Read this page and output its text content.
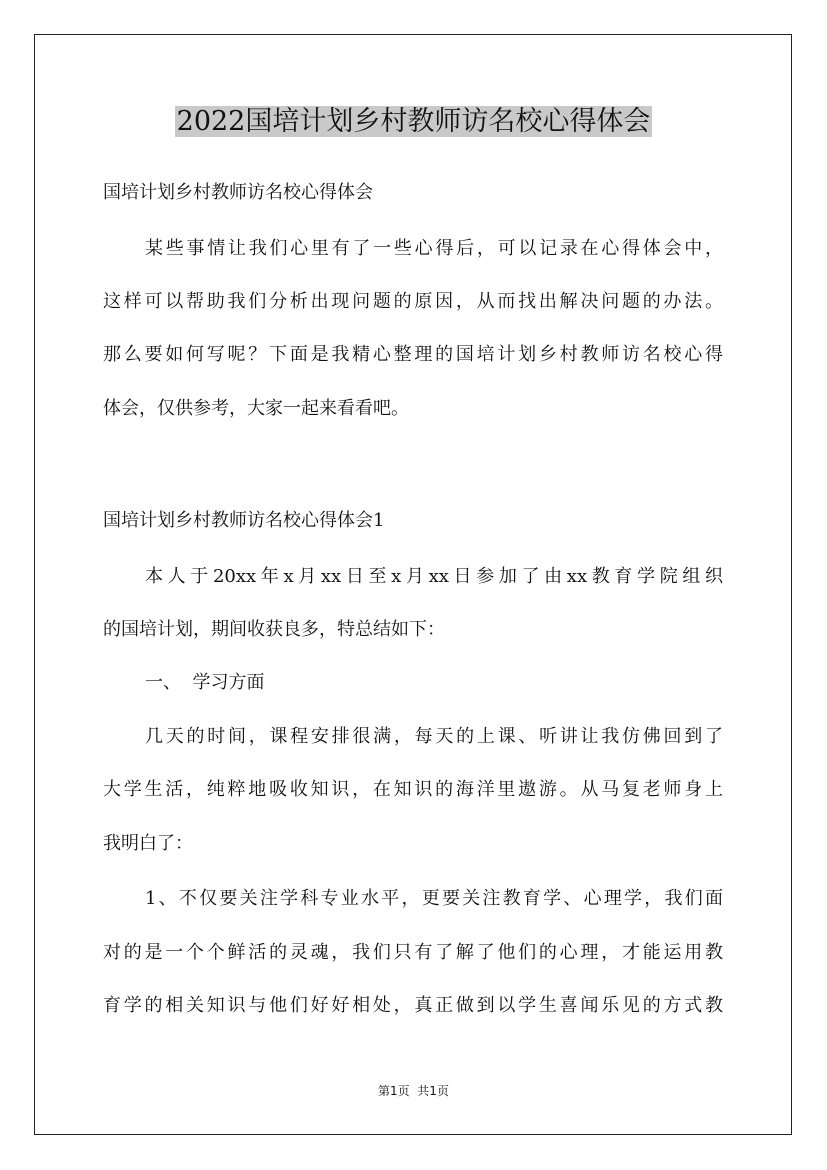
2022国培计划乡村教师访名校心得体会

国培计划乡村教师访名校心得体会

某些事情让我们心里有了一些心得后，可以记录在心得体会中，

这样可以帮助我们分析出现问题的原因，从而找出解决问题的办法。

那么要如何写呢？下面是我精心整理的国培计划乡村教师访名校心得

体会，仅供参考，大家一起来看看吧。

国培计划乡村教师访名校心得体会1

本人于20xx年x月xx日至x月xx日参加了由xx教育学院组织

的国培计划，期间收获良多，特总结如下：

一、  学习方面

几天的时间，课程安排很满，每天的上课、听讲让我仿佛回到了

大学生活，纯粹地吸收知识，在知识的海洋里遨游。从马复老师身上

我明白了：

1、不仅要关注学科专业水平，更要关注教育学、心理学，我们面

对的是一个个鲜活的灵魂，我们只有了解了他们的心理，才能运用教

育学的相关知识与他们好好相处，真正做到以学生喜闻乐见的方式教

第1页  共1页
